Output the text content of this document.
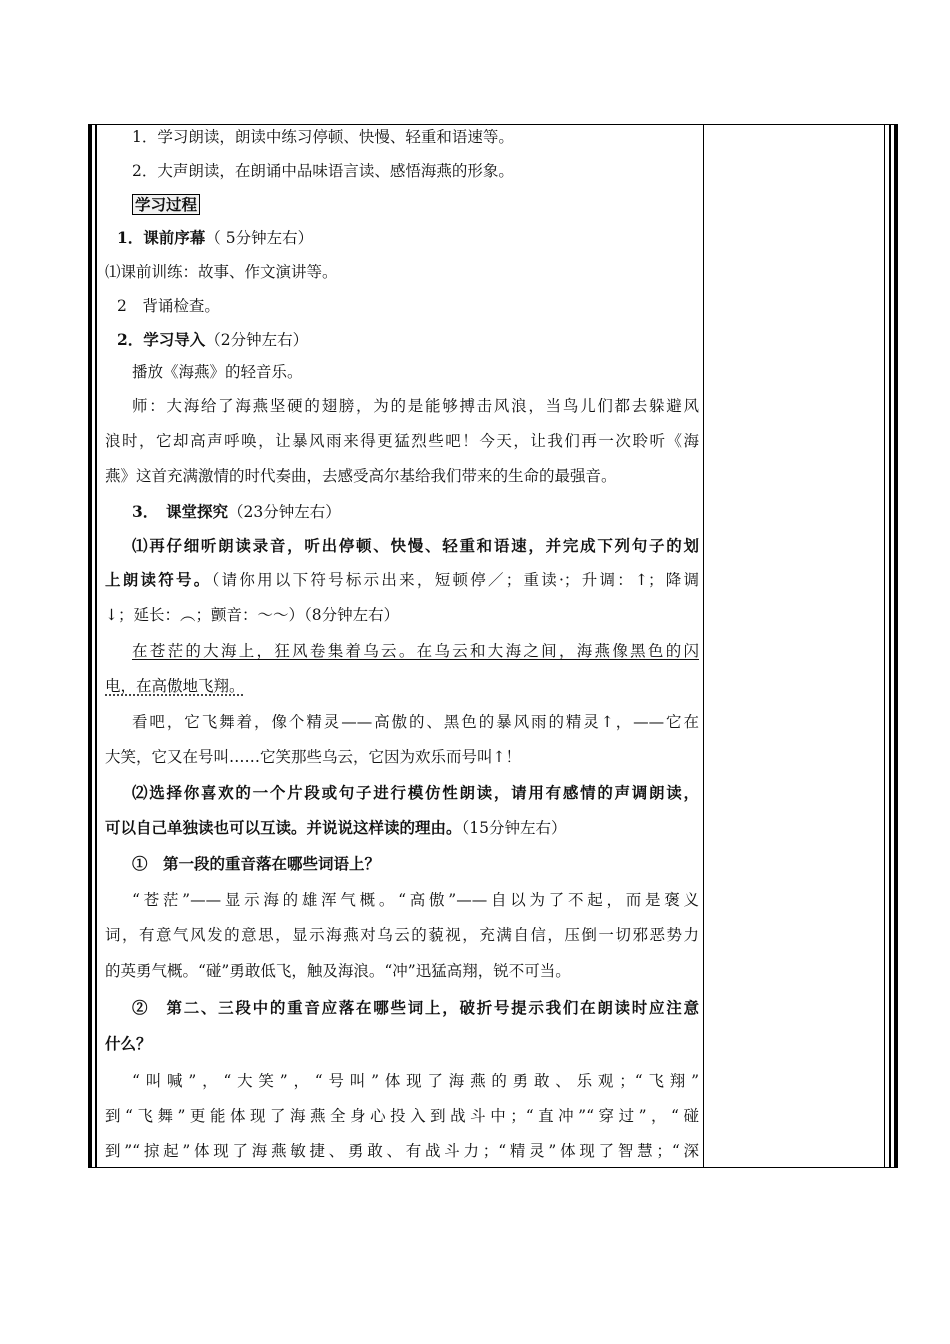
1．学习朗读，朗读中练习停顿、快慢、轻重和语速等。
2．大声朗读，在朗诵中品味语言读、感悟海燕的形象。
学习过程
1．课前序幕（ 5分钟左右）
⑴课前训练：故事、作文演讲等。
2　背诵检查。
2．学习导入（2分钟左右）
播放《海燕》的轻音乐。
师：大海给了海燕坚硬的翅膀，为的是能够搏击风浪，当鸟儿们都去躲避风
浪时，它却高声呼唤，让暴风雨来得更猛烈些吧！今天，让我们再一次聆听《海
燕》这首充满激情的时代奏曲，去感受高尔基给我们带来的生命的最强音。
3．　课堂探究（23分钟左右）
⑴再仔细听朗读录音，听出停顿、快慢、轻重和语速，并完成下列句子的划
上朗读符号。（请你用以下符号标示出来，短顿停／；重读·；升调：↑；降调
↓；延长：︵；颤音：～～）（8分钟左右）
在苍茫的大海上，狂风卷集着乌云。在乌云和大海之间，海燕像黑色的闪
电，在高傲地飞翔。
看吧，它飞舞着，像个精灵——高傲的、黑色的暴风雨的精灵↑，——它在
大笑，它又在号叫……它笑那些乌云，它因为欢乐而号叫↑！
⑵选择你喜欢的一个片段或句子进行模仿性朗读，请用有感情的声调朗读，
可以自己单独读也可以互读。并说说这样读的理由。（15分钟左右）
①　第一段的重音落在哪些词语上？
“苍茫”——显示海的雄浑气概。“高傲”——自以为了不起，而是褒义
词，有意气风发的意思，显示海燕对乌云的藐视，充满自信，压倒一切邪恶势力
的英勇气概。“碰”勇敢低飞，触及海浪。“冲”迅猛高翔，锐不可当。
②　第二、三段中的重音应落在哪些词上，破折号提示我们在朗读时应注意
什么？
“叫喊”，“大笑”，“号叫”体现了海燕的勇敢、乐观；“飞翔”
到“飞舞”更能体现了海燕全身心投入到战斗中；“直冲”“穿过”，“碰
到”“掠起”体现了海燕敏捷、勇敢、有战斗力；“精灵”体现了智慧；“深
